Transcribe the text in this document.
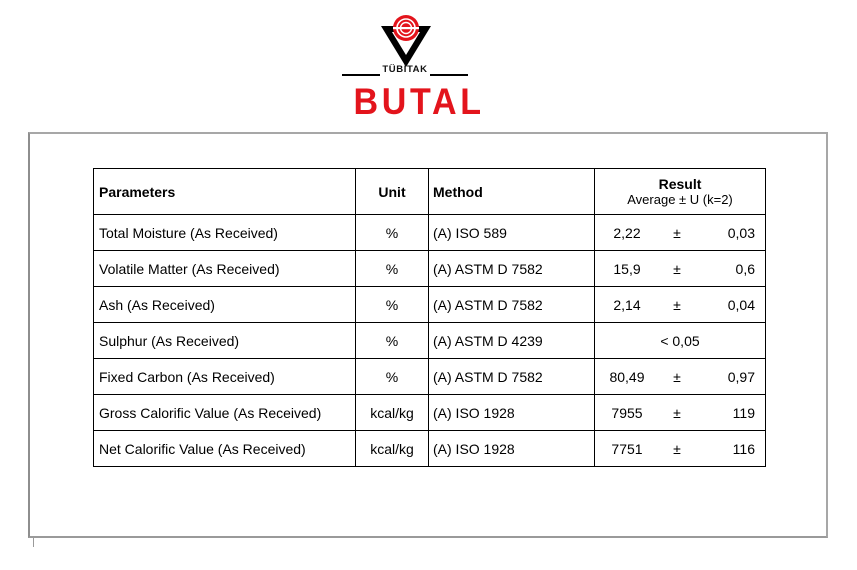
TÜBİTAK
BUTAL
Parameters	Unit	Method	Result
Average ± U (k=2)

Total Moisture (As Received)	%	(A) ISO 589	2,22 ± 0,03

Volatile Matter (As Received)	%	(A) ASTM D 7582	15,9 ± 0,6

Ash (As Received)	%	(A) ASTM D 7582	2,14 ± 0,04

Sulphur (As Received)	%	(A) ASTM D 4239	< 0,05
Fixed Carbon (As Received)	%	(A) ASTM D 7582	80,49 ± 0,97

Gross Calorific Value (As Received)	kcal/kg	(A) ISO 1928	7955 ± 119

Net Calorific Value (As Received)	kcal/kg	(A) ISO 1928	7751 ± 116
